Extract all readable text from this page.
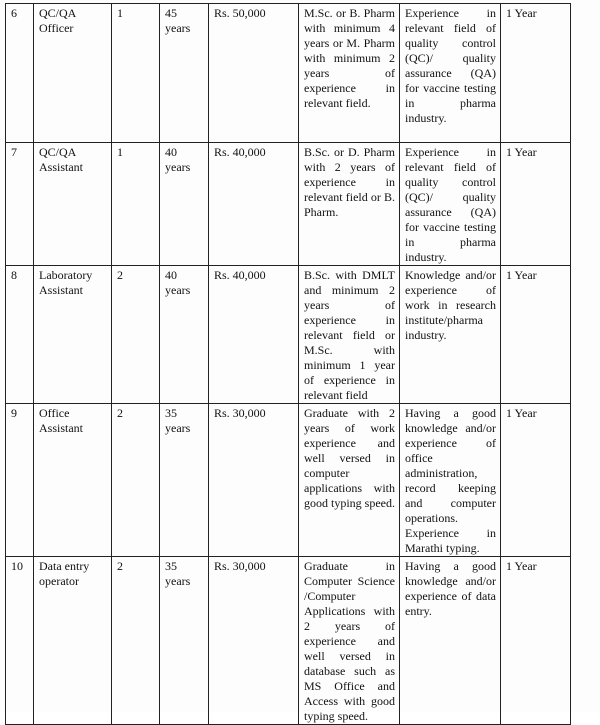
6	QC/QA Officer	1	45 years	Rs. 50,000	M.Sc. or B. Pharm with minimum 4 years or M. Pharm with minimum 2 years of experience in relevant field.	Experience in relevant field of quality control (QC)/ quality assurance (QA) for vaccine testing in pharma industry.	1 Year
7	QC/QA Assistant	1	40 years	Rs. 40,000	B.Sc. or D. Pharm with 2 years of experience in relevant field or B. Pharm.	Experience in relevant field of quality control (QC)/ quality assurance (QA) for vaccine testing in pharma industry.	1 Year
8	Laboratory Assistant	2	40 years	Rs. 40,000	B.Sc. with DMLT and minimum 2 years of experience in relevant field or M.Sc. with minimum 1 year of experience in relevant field	Knowledge and/or experience of work in research institute/pharma industry.	1 Year
9	Office Assistant	2	35 years	Rs. 30,000	Graduate with 2 years of work experience and well versed in computer applications with good typing speed.	Having a good knowledge and/or experience of office administration, record keeping and computer operations. Experience in Marathi typing.	1 Year
10	Data entry operator	2	35 years	Rs. 30,000	Graduate in Computer Science /Computer Applications with 2 years of experience and well versed in database such as MS Office and Access with good typing speed.	Having a good knowledge and/or experience of data entry.	1 Year
